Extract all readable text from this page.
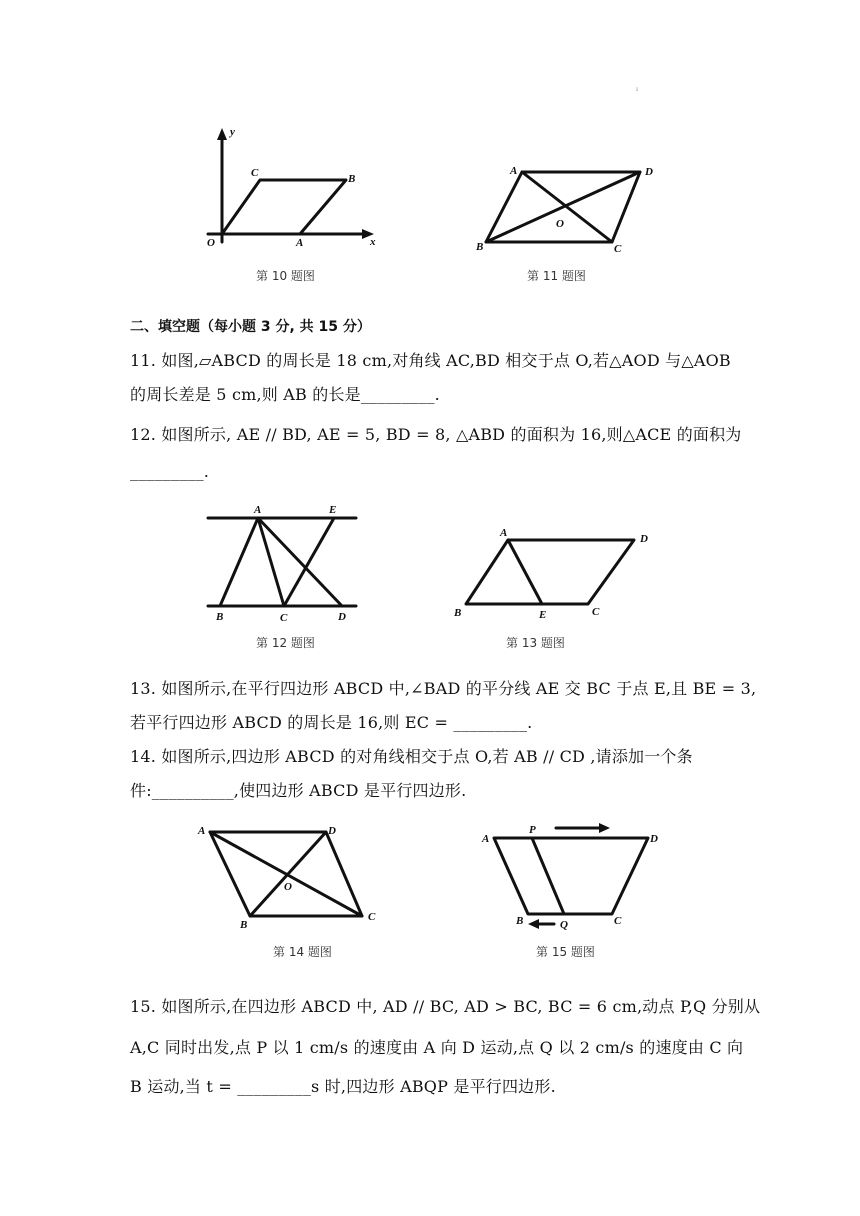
ı
y
x
O	A
B
C
第 10 题图
A	D
O
B	C
第 11 题图
二、填空题（每小题 3 分, 共 15 分）
11. 如图,▱ABCD 的周长是 18 cm,对角线 AC,BD 相交于点 O,若△AOD 与△AOB
的周长差是 5 cm,则 AB 的长是_________.
12. 如图所示, AE // BD, AE = 5, BD = 8, △ABD 的面积为 16,则△ACE 的面积为
_________.
A	E
B	C	D
第 12 题图
A	D
B	E	C
第 13 题图
13. 如图所示,在平行四边形 ABCD 中,∠BAD 的平分线 AE 交 BC 于点 E,且 BE = 3,
若平行四边形 ABCD 的周长是 16,则 EC = _________.
14. 如图所示,四边形 ABCD 的对角线相交于点 O,若 AB // CD ,请添加一个条
件:__________,使四边形 ABCD 是平行四边形.
A	D
O
B
C
第 14 题图
A
P
D
B	Q	C
第 15 题图
15. 如图所示,在四边形 ABCD 中, AD // BC, AD > BC, BC = 6 cm,动点 P,Q 分别从
A,C 同时出发,点 P 以 1 cm/s 的速度由 A 向 D 运动,点 Q 以 2 cm/s 的速度由 C 向
B 运动,当 t = _________s 时,四边形 ABQP 是平行四边形.
